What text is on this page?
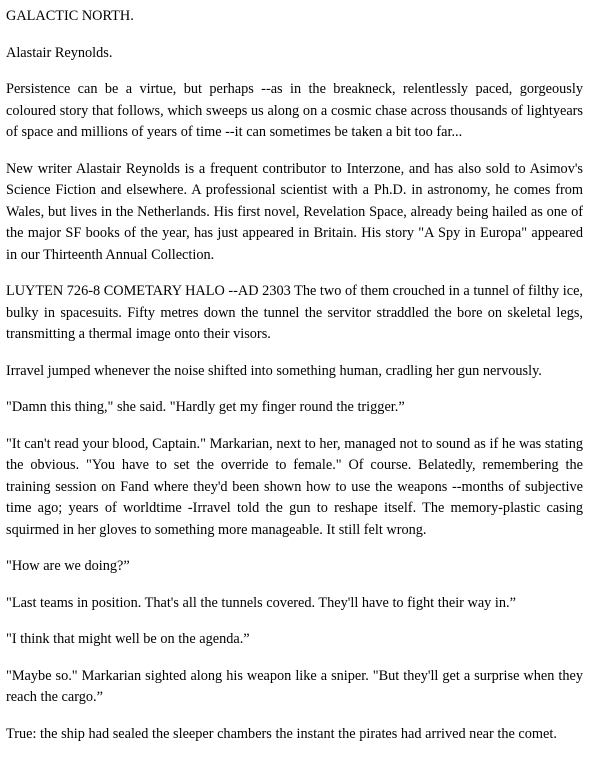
GALACTIC NORTH.

Alastair Reynolds.

Persistence can be a virtue, but perhaps --as in the breakneck, relentlessly paced, gorgeously coloured story that follows, which sweeps us along on a cosmic chase across thousands of lightyears of space and millions of years of time --it can sometimes be taken a bit too far...

New writer Alastair Reynolds is a frequent contributor to Interzone, and has also sold to Asimov's Science Fiction and elsewhere. A professional scientist with a Ph.D. in astronomy, he comes from Wales, but lives in the Netherlands. His first novel, Revelation Space, already being hailed as one of the major SF books of the year, has just appeared in Britain. His story "A Spy in Europa" appeared in our Thirteenth Annual Collection.

LUYTEN 726-8 COMETARY HALO --AD 2303 The two of them crouched in a tunnel of filthy ice, bulky in spacesuits. Fifty metres down the tunnel the servitor straddled the bore on skeletal legs, transmitting a thermal image onto their visors.

Irravel jumped whenever the noise shifted into something human, cradling her gun nervously.

"Damn this thing," she said. "Hardly get my finger round the trigger.”

"It can't read your blood, Captain." Markarian, next to her, managed not to sound as if he was stating the obvious. "You have to set the override to female." Of course. Belatedly, remembering the training session on Fand where they'd been shown how to use the weapons --months of subjective time ago; years of worldtime -Irravel told the gun to reshape itself. The memory-plastic casing squirmed in her gloves to something more manageable. It still felt wrong.

"How are we doing?”

"Last teams in position. That's all the tunnels covered. They'll have to fight their way in.”

"I think that might well be on the agenda.”

"Maybe so." Markarian sighted along his weapon like a sniper. "But they'll get a surprise when they reach the cargo.”

True: the ship had sealed the sleeper chambers the instant the pirates had arrived near the comet.
